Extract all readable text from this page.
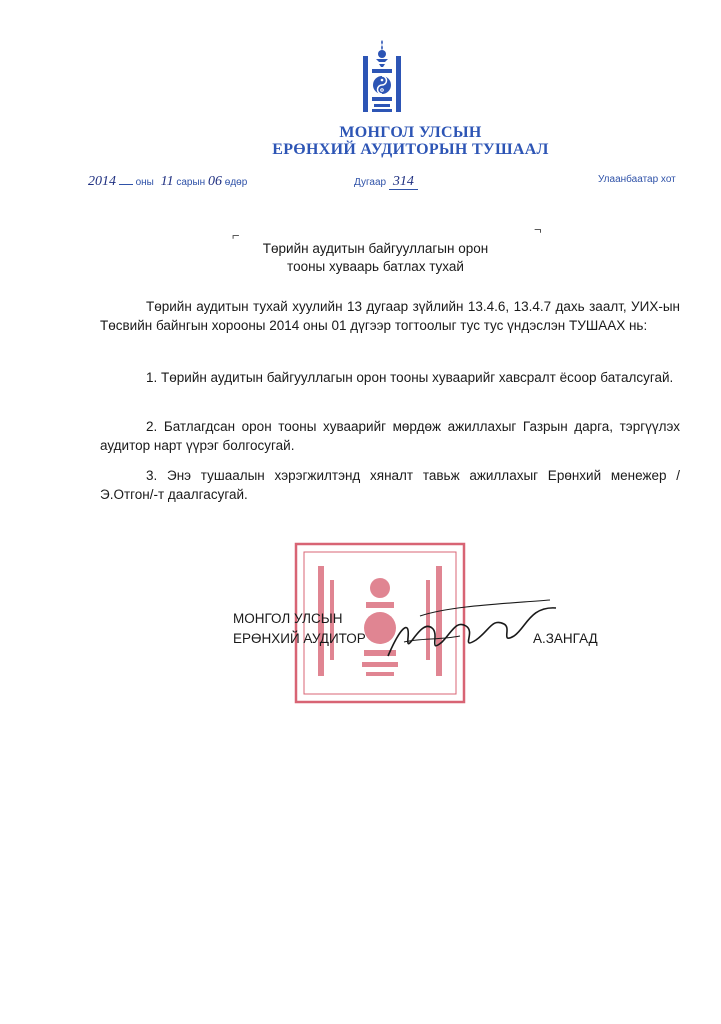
МОНГОЛ УЛСЫН
ЕРӨНХИЙ АУДИТОРЫН ТУШААЛ
2014 оны 11 сарын 06 өдөр	Дугаар 314	Улаанбаатар хот
⌐	¬
Төрийн аудитын байгууллагын орон
тооны хуваарь батлах тухай
Төрийн аудитын тухай хуулийн 13 дугаар зүйлийн 13.4.6, 13.4.7 дахь заалт, УИХ-ын Төсвийн байнгын хорооны 2014 оны 01 дүгээр тогтоолыг тус тус үндэслэн ТУШААХ нь:
1. Төрийн аудитын байгууллагын орон тооны хуваарийг хавсралт ёсоор баталсугай.
2. Батлагдсан орон тооны хуваарийг мөрдөж ажиллахыг Газрын дарга, тэргүүлэх аудитор нарт үүрэг болгосугай.
3. Энэ тушаалын хэрэгжилтэнд хяналт тавьж ажиллахыг Ерөнхий менежер /Э.Отгон/-т даалгасугай.
МОНГОЛ УЛСЫН
ЕРӨНХИЙ АУДИТОР	А.ЗАНГАД
